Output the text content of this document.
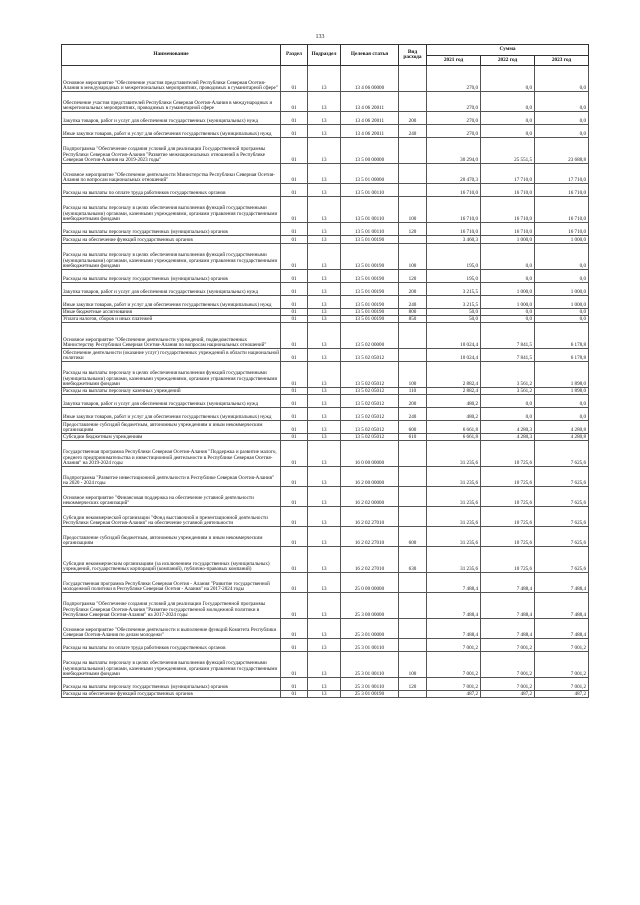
133
Наименование	Раздел	Подраздел	Целевая статья	Вид расхода	Сумма		
					2021 год	2022 год	2023 год
Основное мероприятие "Обеспечение участия представителей Республики Северная Осетия-Алания в международных и межрегиональных мероприятиях, проводимых в гуманитарной сфере"	01	13	13 4 06 00000		270,0	0,0	0,0
Обеспечение участия представителей Республики Северная Осетия-Алания в международных и межрегиональных мероприятиях, проводимых в гуманитарной сфере	01	13	13 4 06 20011		270,0	0,0	0,0
Закупка товаров, работ и услуг для обеспечения государственных (муниципальных) нужд	01	13	13 4 06 20011	200	270,0	0,0	0,0
Иные закупки товаров, работ и услуг для обеспечения государственных (муниципальных) нужд	01	13	13 4 06 20011	240	270,0	0,0	0,0
Подпрограмма "Обеспечение создания условий для реализации Государственной программы Республики Северная Осетия-Алания "Развитие межнациональных отношений в Республике Северная Осетия-Алания на 2019-2023 годы"	01	13	13 5 00 00000		30 294,0	25 551,5	23 688,8
Основное мероприятие "Обеспечение деятельности Министерства Республики Северная Осетия-Алания по вопросам национальных отношений"	01	13	13 5 01 00000		20 470,3	17 710,0	17 710,0
Расходы на выплаты по оплате труда работников государственных органов	01	13	13 5 01 00110		16 710,0	16 710,0	16 710,0
Расходы на выплаты персоналу в целях обеспечения выполнения функций государственными (муниципальными) органами, казенными учреждениями, органами управления государственными внебюджетными фондами	01	13	13 5 01 00110	100	16 710,0	16 710,0	16 710,0
Расходы на выплаты персоналу государственных (муниципальных) органов	01	13	13 5 01 00110	120	16 710,0	16 710,0	16 710,0
Расходы на обеспечение функций государственных органов	01	13	13 5 01 00190		3 460,3	1 000,0	1 000,0
Расходы на выплаты персоналу в целях обеспечения выполнения функций государственными (муниципальными) органами, казенными учреждениями, органами управления государственными внебюджетными фондами	01	13	13 5 01 00190	100	195,0	0,0	0,0
Расходы на выплаты персоналу государственных (муниципальных) органов	01	13	13 5 01 00190	120	195,0	0,0	0,0
Закупка товаров, работ и услуг для обеспечения государственных (муниципальных) нужд	01	13	13 5 01 00190	200	3 215,5	1 000,0	1 000,0
Иные закупки товаров, работ и услуг для обеспечения государственных (муниципальных) нужд	01	13	13 5 01 00190	240	3 215,5	1 000,0	1 000,0
Иные бюджетные ассигнования	01	13	13 5 01 00190	800	50,0	0,0	0,0
Уплата налогов, сборов и иных платежей	01	13	13 5 01 00190	850	50,0	0,0	0,0
Основное мероприятие "Обеспечение деятельности учреждений, подведомственных Министерству Республики Северная Осетия-Алания по вопросам национальных отношений"	01	13	13 5 02 00000		10 024,4	7 841,5	6 178,8
Обеспечение деятельности (оказание услуг) государственных учреждений в области национальной политики	01	13	13 5 02 05012		10 024,4	7 841,5	6 178,8
Расходы на выплаты персоналу в целях обеспечения выполнения функций государственными (муниципальными) органами, казенными учреждениями, органами управления государственными внебюджетными фондами	01	13	13 5 02 05012	100	2 882,4	3 561,2	1 898,0
Расходы на выплаты персоналу казенных учреждений	01	13	13 5 02 05012	110	2 882,4	3 561,2	1 898,0
Закупка товаров, работ и услуг для обеспечения государственных (муниципальных) нужд	01	13	13 5 02 05012	200	480,2	0,0	0,0
Иные закупки товаров, работ и услуг для обеспечения государственных (муниципальных) нужд	01	13	13 5 02 05012	240	480,2	0,0	0,0
Предоставление субсидий бюджетным, автономным учреждениям и иным некоммерческим организациям	01	13	13 5 02 05012	600	6 661,8	4 280,3	4 280,8
Субсидии бюджетным учреждениям	01	13	13 5 02 05012	610	6 661,8	4 280,3	4 280,8
Государственная программа Республики Северная Осетия-Алания "Поддержка и развитие малого, среднего предпринимательства и инвестиционной деятельности в Республике Северная Осетия-Алания" на 2019-2024 годы	01	13	16 0 00 00000		31 235,6	10 725,6	7 625,6
Подпрограмма "Развитие инвестиционной деятельности в Республике Северная Осетия-Алания" на 2020 - 2024 годы	01	13	16 2 00 00000		31 235,6	10 725,6	7 625,6
Основное мероприятие "Финансовая поддержка на обеспечение уставной деятельности некоммерческих организаций"	01	13	16 2 02 00000		31 235,6	10 725,6	7 625,6
Субсидии некоммерческой организации "Фонд выставочной и презентационной деятельности Республики Северная Осетия-Алания" на обеспечение уставной деятельности	01	13	16 2 02 27010		31 235,6	10 725,6	7 625,6
Предоставление субсидий бюджетным, автономным учреждениям и иным некоммерческим организациям	01	13	16 2 02 27010	600	31 235,6	10 725,6	7 625,6
Субсидии некоммерческим организациям (за исключением государственных (муниципальных) учреждений, государственных корпораций (компаний), публично-правовых компаний)	01	13	16 2 02 27010	630	31 235,6	10 725,6	7 625,6
Государственная программа Республики Северная Осетия - Алания "Развитие государственной молодежной политики в Республике Северная Осетия - Алания" на 2017-2024 годы	01	13	25 0 00 00000		7 488,4	7 488,4	7 488,4
Подпрограмма "Обеспечение создания условий для реализации Государственной программы Республики Северная Осетия-Алания "Развитие государственной молодежной политики в Республике Северная Осетия-Алания" на 2017-2024 годы	01	13	25 3 00 00000		7 488,4	7 488,4	7 488,4
Основное мероприятие "Обеспечение деятельности и выполнение функций Комитета Республики Северная Осетия-Алания по делам молодежи"	01	13	25 3 01 00000		7 488,4	7 488,4	7 488,4
Расходы на выплаты по оплате труда работников государственных органов	01	13	25 3 01 00110		7 001,2	7 001,2	7 001,2
Расходы на выплаты персоналу в целях обеспечения выполнения функций государственными (муниципальными) органами, казенными учреждениями, органами управления государственными внебюджетными фондами	01	13	25 3 01 00110	100	7 001,2	7 001,2	7 001,2
Расходы на выплаты персоналу государственных (муниципальных) органов	01	13	25 3 01 00110	120	7 001,2	7 001,2	7 001,2
Расходы на обеспечение функций государственных органов	01	13	25 3 01 00190		487,2	487,2	487,2
